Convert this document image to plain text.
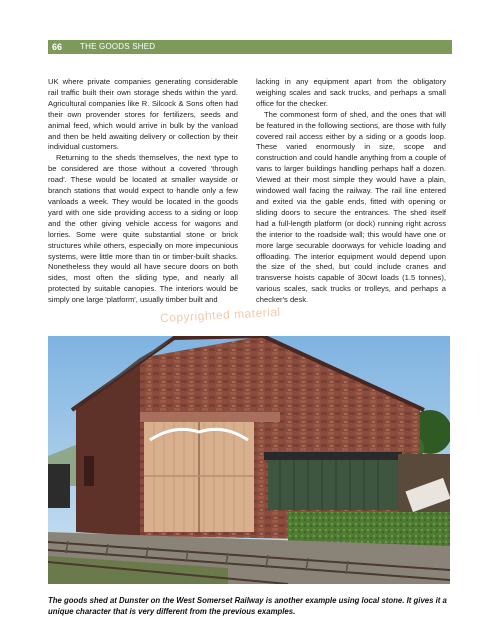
66 THE GOODS SHED

UK where private companies generating considerable rail traffic built their own storage sheds within the yard. Agricultural companies like R. Silcock & Sons often had their own provender stores for fertilizers, seeds and animal feed, which would arrive in bulk by the vanload and then be held awaiting delivery or collection by their individual customers.

Returning to the sheds themselves, the next type to be considered are those without a covered 'through road'. These would be located at smaller wayside or branch stations that would expect to handle only a few vanloads a week. They would be located in the goods yard with one side providing access to a siding or loop and the other giving vehicle access for wagons and lorries. Some were quite substantial stone or brick structures while others, especially on more impecunious systems, were little more than tin or timber-built shacks. Nonetheless they would all have secure doors on both sides, most often the sliding type, and nearly all protected by suitable canopies. The interiors would be simply one large 'platform', usually timber built and

lacking in any equipment apart from the obligatory weighing scales and sack trucks, and perhaps a small office for the checker.

The commonest form of shed, and the ones that will be featured in the following sections, are those with fully covered rail access either by a siding or a goods loop. These varied enormously in size, scope and construction and could handle anything from a couple of vans to larger buildings handling perhaps half a dozen. Viewed at their most simple they would have a plain, windowed wall facing the railway. The rail line entered and exited via the gable ends, fitted with opening or sliding doors to secure the entrances. The shed itself had a full-length platform (or dock) running right across the interior to the roadside wall; this would have one or more large securable doorways for vehicle loading and offloading. The interior equipment would depend upon the size of the shed, but could include cranes and transverse hoists capable of 30cwt loads (1.5 tonnes), various scales, sack trucks or trolleys, and perhaps a checker's desk.

Copyrighted material
The goods shed at Dunster on the West Somerset Railway is another example using local stone. It gives it a unique character that is very different from the previous examples.
